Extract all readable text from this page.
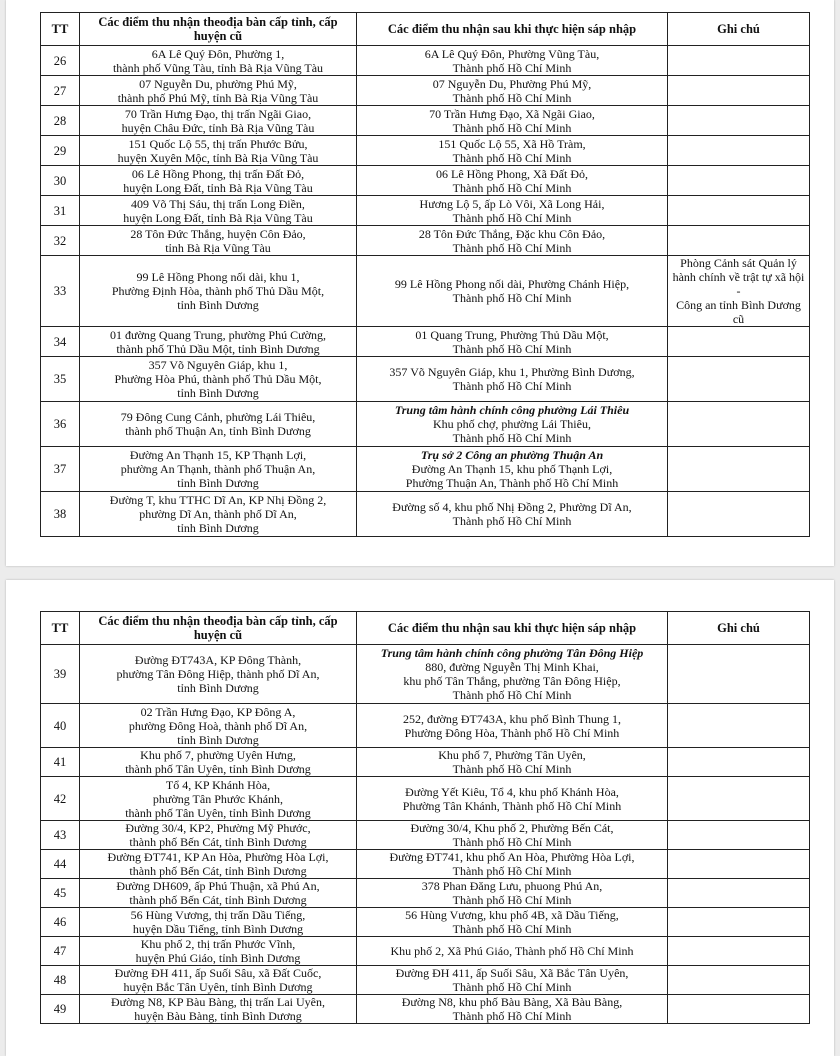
TT	Các điểm thu nhận theođịa bàn cấp tỉnh, cấp huyện cũ	Các điểm thu nhận sau khi thực hiện sáp nhập	Ghi chú
26	6A Lê Quý Đôn, Phường 1,
thành phố Vũng Tàu, tỉnh Bà Rịa Vũng Tàu	6A Lê Quý Đôn, Phường Vũng Tàu,
Thành phố Hồ Chí Minh	

27	07 Nguyễn Du, phường Phú Mỹ,
thành phố Phú Mỹ, tỉnh Bà Rịa Vũng Tàu	07 Nguyễn Du, Phường Phú Mỹ,
Thành phố Hồ Chí Minh	

28	70 Trần Hưng Đạo, thị trấn Ngãi Giao,
huyện Châu Đức, tỉnh Bà Rịa Vũng Tàu	70 Trần Hưng Đạo, Xã Ngãi Giao,
Thành phố Hồ Chí Minh	

29	151 Quốc Lộ 55, thị trấn Phước Bửu,
huyện Xuyên Mộc, tỉnh Bà Rịa Vũng Tàu	151 Quốc Lộ 55, Xã Hồ Tràm,
Thành phố Hồ Chí Minh	

30	06 Lê Hồng Phong, thị trấn Đất Đỏ,
huyện Long Đất, tỉnh Bà Rịa Vũng Tàu	06 Lê Hồng Phong, Xã Đất Đỏ,
Thành phố Hồ Chí Minh	

31	409 Võ Thị Sáu, thị trấn Long Điền,
huyện Long Đất, tỉnh Bà Rịa Vũng Tàu	Hương Lộ 5, ấp Lò Vôi, Xã Long Hải,
Thành phố Hồ Chí Minh	

32	28 Tôn Đức Thắng, huyện Côn Đảo,
tỉnh Bà Rịa Vũng Tàu	28 Tôn Đức Thắng, Đặc khu Côn Đảo,
Thành phố Hồ Chí Minh	

33	99 Lê Hồng Phong nối dài, khu 1,
Phường Định Hòa, thành phố Thủ Dầu Một,
tỉnh Bình Dương	99 Lê Hồng Phong nối dài, Phường Chánh Hiệp,
Thành phố Hồ Chí Minh	Phòng Cảnh sát Quản lý
hành chính về trật tự xã hội -
Công an tỉnh Bình Dương cũ

34	01 đường Quang Trung, phường Phú Cường,
thành phố Thủ Dầu Một, tỉnh Bình Dương	01 Quang Trung, Phường Thủ Dầu Một,
Thành phố Hồ Chí Minh	

35	357 Võ Nguyên Giáp, khu 1,
Phường Hòa Phú, thành phố Thủ Dầu Một,
tỉnh Bình Dương	357 Võ Nguyên Giáp, khu 1, Phường Bình Dương,
Thành phố Hồ Chí Minh	

36	79 Đông Cung Cảnh, phường Lái Thiêu,
thành phố Thuận An, tỉnh Bình Dương	Trung tâm hành chính công phường Lái Thiêu
Khu phố chợ, phường Lái Thiêu,
Thành phố Hồ Chí Minh	

37	Đường An Thạnh 15, KP Thạnh Lợi,
phường An Thạnh, thành phố Thuận An,
tỉnh Bình Dương	Trụ sở 2 Công an phường Thuận An
Đường An Thạnh 15, khu phố Thạnh Lợi,
Phường Thuận An, Thành phố Hồ Chí Minh	

38	Đường T, khu TTHC Dĩ An, KP Nhị Đồng 2,
phường Dĩ An, thành phố Dĩ An,
tỉnh Bình Dương	Đường số 4, khu phố Nhị Đồng 2, Phường Dĩ An,
Thành phố Hồ Chí Minh	

TT	Các điểm thu nhận theođịa bàn cấp tỉnh, cấp huyện cũ	Các điểm thu nhận sau khi thực hiện sáp nhập	Ghi chú
39	Đường ĐT743A, KP Đông Thành,
phường Tân Đông Hiệp, thành phố Dĩ An,
tỉnh Bình Dương	Trung tâm hành chính công phường Tân Đông Hiệp
880, đường Nguyễn Thị Minh Khai,
khu phố Tân Thắng, phường Tân Đông Hiệp,
Thành phố Hồ Chí Minh	

40	02 Trần Hưng Đạo, KP Đông A,
phường Đông Hoà, thành phố Dĩ An,
tỉnh Bình Dương	252, đường ĐT743A, khu phố Bình Thung 1,
Phường Đông Hòa, Thành phố Hồ Chí Minh	

41	Khu phố 7, phường Uyên Hưng,
thành phố Tân Uyên, tỉnh Bình Dương	Khu phố 7, Phường Tân Uyên,
Thành phố Hồ Chí Minh	

42	Tổ 4, KP Khánh Hòa,
phường Tân Phước Khánh,
thành phố Tân Uyên, tỉnh Bình Dương	Đường Yết Kiêu, Tổ 4, khu phố Khánh Hòa,
Phường Tân Khánh, Thành phố Hồ Chí Minh	

43	Đường 30/4, KP2, Phường Mỹ Phước,
thành phố Bến Cát, tỉnh Bình Dương	Đường 30/4, Khu phố 2, Phường Bến Cát,
Thành phố Hồ Chí Minh	

44	Đường ĐT741, KP An Hòa, Phường Hòa Lợi,
thành phố Bến Cát, tỉnh Bình Dương	Đường ĐT741, khu phố An Hòa, Phường Hòa Lợi,
Thành phố Hồ Chí Minh	

45	Đường DH609, ấp Phú Thuận, xã Phú An,
thành phố Bến Cát, tỉnh Bình Dương	378 Phan Đăng Lưu, phuong Phú An,
Thành phố Hồ Chí Minh	

46	56 Hùng Vương, thị trấn Dầu Tiếng,
huyện Dầu Tiếng, tỉnh Bình Dương	56 Hùng Vương, khu phố 4B, xã Dầu Tiếng,
Thành phố Hồ Chí Minh	

47	Khu phố 2, thị trấn Phước Vĩnh,
huyện Phú Giáo, tỉnh Bình Dương	Khu phố 2, Xã Phú Giáo, Thành phố Hồ Chí Minh	

48	Đường ĐH 411, ấp Suối Sâu, xã Đất Cuốc,
huyện Bắc Tân Uyên, tỉnh Bình Dương	Đường ĐH 411, ấp Suối Sâu, Xã Bắc Tân Uyên,
Thành phố Hồ Chí Minh	

49	Đường N8, KP Bàu Bàng, thị trấn Lai Uyên,
huyện Bàu Bàng, tỉnh Bình Dương	Đường N8, khu phố Bàu Bàng, Xã Bàu Bàng,
Thành phố Hồ Chí Minh	
